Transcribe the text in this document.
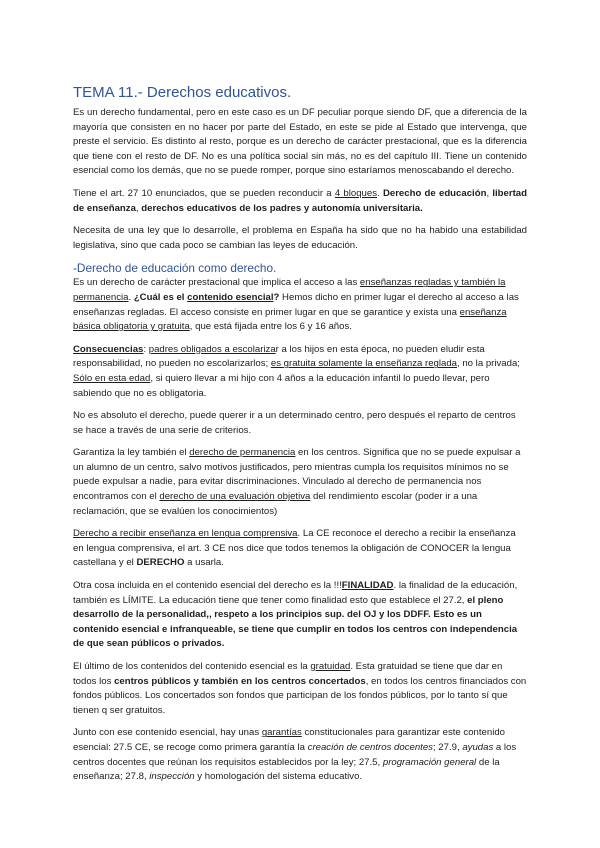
TEMA 11.- Derechos educativos.

Es un derecho fundamental, pero en este caso es un DF peculiar porque siendo DF, que a diferencia de la mayoría que consisten en no hacer por parte del Estado, en este se pide al Estado que intervenga, que preste el servicio. Es distinto al resto, porque es un derecho de carácter prestacional, que es la diferencia que tiene con el resto de DF. No es una política social sin más, no es del capítulo III. Tiene un contenido esencial como los demás, que no se puede romper, porque sino estaríamos menoscabando el derecho.

Tiene el art. 27 10 enunciados, que se pueden reconducir a 4 bloques. Derecho de educación, libertad de enseñanza, derechos educativos de los padres y autonomía universitaria.

Necesita de una ley que lo desarrolle, el problema en España ha sido que no ha habido una estabilidad legislativa, sino que cada poco se cambian las leyes de educación.

-Derecho de educación como derecho.

Es un derecho de carácter prestacional que implica el acceso a las enseñanzas regladas y también la permanencia. ¿Cuál es el contenido esencial? Hemos dicho en primer lugar el derecho al acceso a las enseñanzas regladas. El acceso consiste en primer lugar en que se garantice y exista una enseñanza básica obligatoria y gratuita, que está fijada entre los 6 y 16 años.

Consecuencias: padres obligados a escolarizar a los hijos en esta época, no pueden eludir esta responsabilidad, no pueden no escolarizarlos; es gratuita solamente la enseñanza reglada, no la privada; Sólo en esta edad, si quiero llevar a mi hijo con 4 años a la educación infantil lo puedo llevar, pero sabiendo que no es obligatoria.

No es absoluto el derecho, puede querer ir a un determinado centro, pero después el reparto de centros se hace a través de una serie de criterios.

Garantiza la ley también el derecho de permanencia en los centros. Significa que no se puede expulsar a un alumno de un centro, salvo motivos justificados, pero mientras cumpla los requisitos mínimos no se puede expulsar a nadie, para evitar discriminaciones. Vinculado al derecho de permanencia nos encontramos con el derecho de una evaluación objetiva del rendimiento escolar (poder ir a una reclamación, que se evalúen los conocimientos)

Derecho a recibir enseñanza en lengua comprensiva. La CE reconoce el derecho a recibir la enseñanza en lengua comprensiva, el art. 3 CE nos dice que todos tenemos la obligación de CONOCER la lengua castellana y el DERECHO a usarla.

Otra cosa incluida en el contenido esencial del derecho es la !!!FINALIDAD. la finalidad de la educación, también es LÍMITE. La educación tiene que tener como finalidad esto que establece el 27.2, el pleno desarrollo de la personalidad,, respeto a los principios sup. del OJ y los DDFF. Esto es un contenido esencial e infranqueable, se tiene que cumplir en todos los centros con independencia de que sean públicos o privados.

El último de los contenidos del contenido esencial es la gratuidad. Esta gratuidad se tiene que dar en todos los centros públicos y también en los centros concertados, en todos los centros financiados con fondos públicos. Los concertados son fondos que participan de los fondos públicos, por lo tanto sí que tienen q ser gratuitos.

Junto con ese contenido esencial, hay unas garantías constitucionales para garantizar este contenido esencial: 27.5 CE, se recoge como primera garantía la creación de centros docentes; 27.9, ayudas a los centros docentes que reúnan los requisitos establecidos por la ley; 27.5, programación general de la enseñanza; 27.8, inspección y homologación del sistema educativo.
